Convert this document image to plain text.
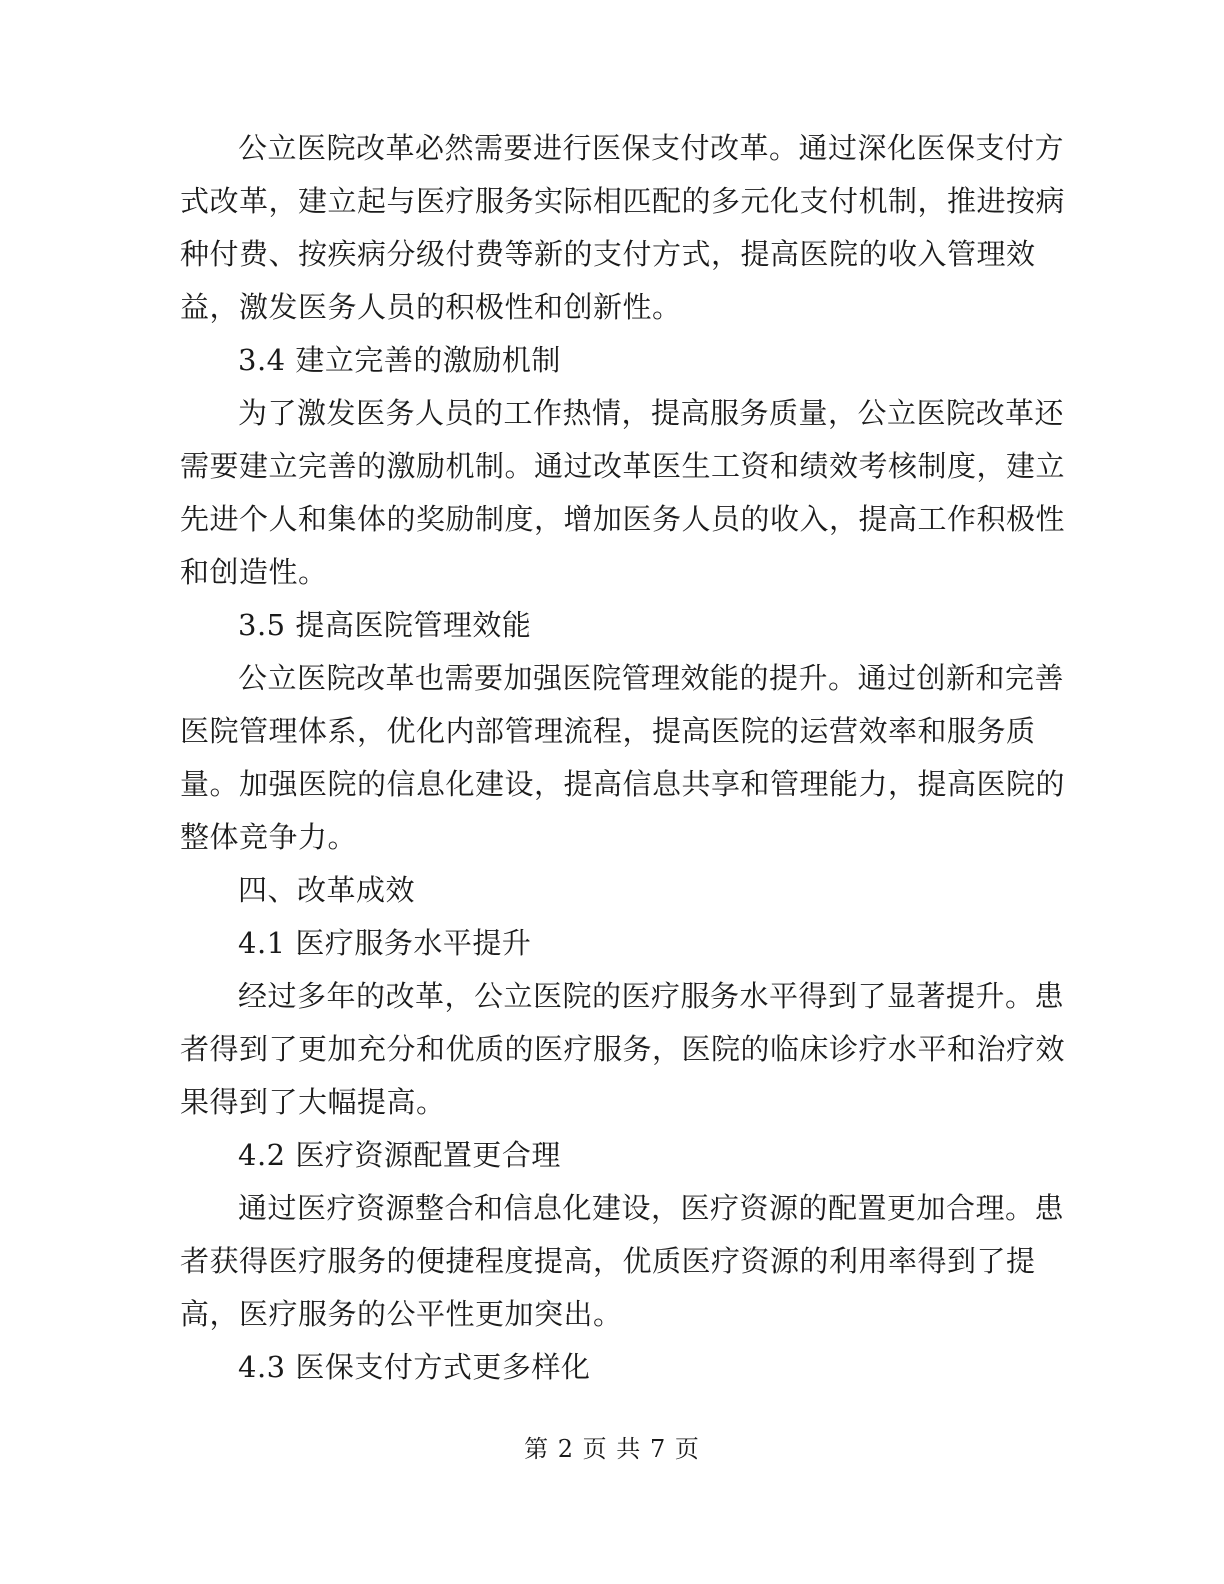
公立医院改革必然需要进行医保支付改革。通过深化医保支付方
式改革，建立起与医疗服务实际相匹配的多元化支付机制，推进按病
种付费、按疾病分级付费等新的支付方式，提高医院的收入管理效
益，激发医务人员的积极性和创新性。
3.4 建立完善的激励机制
为了激发医务人员的工作热情，提高服务质量，公立医院改革还
需要建立完善的激励机制。通过改革医生工资和绩效考核制度，建立
先进个人和集体的奖励制度，增加医务人员的收入，提高工作积极性
和创造性。
3.5 提高医院管理效能
公立医院改革也需要加强医院管理效能的提升。通过创新和完善
医院管理体系，优化内部管理流程，提高医院的运营效率和服务质
量。加强医院的信息化建设，提高信息共享和管理能力，提高医院的
整体竞争力。
四、改革成效
4.1 医疗服务水平提升
经过多年的改革，公立医院的医疗服务水平得到了显著提升。患
者得到了更加充分和优质的医疗服务，医院的临床诊疗水平和治疗效
果得到了大幅提高。
4.2 医疗资源配置更合理
通过医疗资源整合和信息化建设，医疗资源的配置更加合理。患
者获得医疗服务的便捷程度提高，优质医疗资源的利用率得到了提
高，医疗服务的公平性更加突出。
4.3 医保支付方式更多样化
第 2 页 共 7 页
